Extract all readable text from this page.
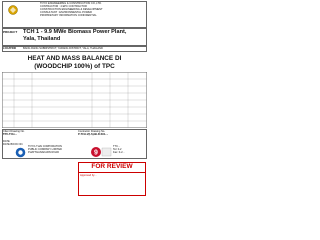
TOYO ENGINEERING & CONSTRUCTION CO.,LTD.
CONTRACTOR : 4 EPC CONTRACTOR
CONSTRUCTION ENGINEERING & DEVELOPMENT
CONSULTANT : ENVIRONMENTAL POWER
PROPRIETARY INFORMATION CONFIDENTIAL
PROJECT TCH 1 - 9.9 MWe Biomass Power Plant,
Yala, Thailand
LOCATION	BANG RANG SUBDISTRICT, YARANG DISTRICT, YALA, THAILAND
HEAT AND MASS BALANCE DI
(WOODCHIP 100%) of TPC
Client Drawing No.
TPC-TCH-...
Contractor Drawing No.
P-TCH-V(LS)-BLR-S01-...
DATE
DATE BOOK NO.
TOYO-THAI CORPORATION
PUBLIC COMPANY LIMITED
PHATTHANAKARN ROAD	9
TTC...
Tel: 0-2
Fax: 0-2...
FOR REVIEW
Approved by ...
